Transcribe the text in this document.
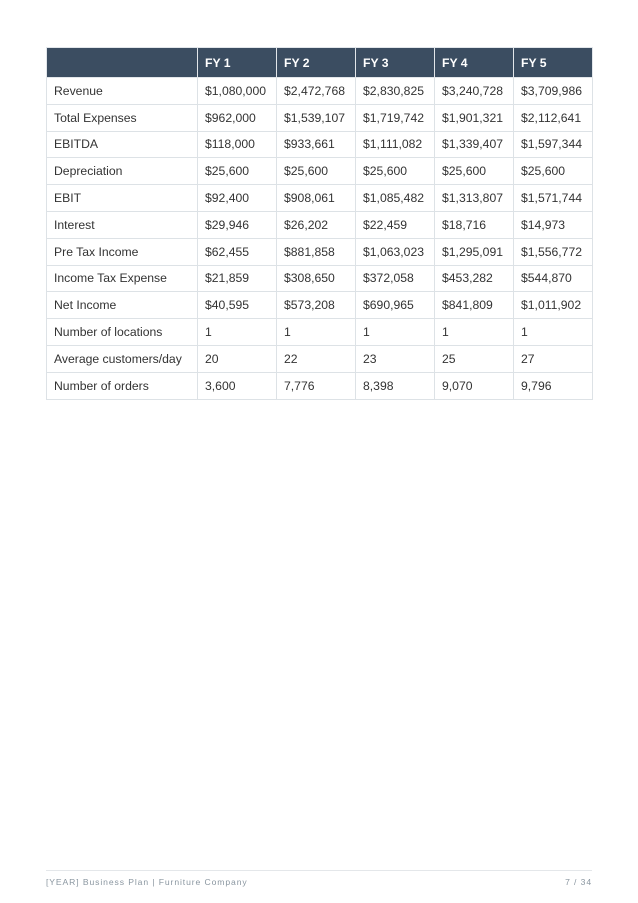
	FY 1	FY 2	FY 3	FY 4	FY 5
Revenue	$1,080,000	$2,472,768	$2,830,825	$3,240,728	$3,709,986
Total Expenses	$962,000	$1,539,107	$1,719,742	$1,901,321	$2,112,641
EBITDA	$118,000	$933,661	$1,111,082	$1,339,407	$1,597,344
Depreciation	$25,600	$25,600	$25,600	$25,600	$25,600
EBIT	$92,400	$908,061	$1,085,482	$1,313,807	$1,571,744
Interest	$29,946	$26,202	$22,459	$18,716	$14,973
Pre Tax Income	$62,455	$881,858	$1,063,023	$1,295,091	$1,556,772
Income Tax Expense	$21,859	$308,650	$372,058	$453,282	$544,870
Net Income	$40,595	$573,208	$690,965	$841,809	$1,011,902
Number of locations	1	1	1	1	1
Average customers/day	20	22	23	25	27
Number of orders	3,600	7,776	8,398	9,070	9,796
[YEAR] Business Plan | Furniture Company	7 / 34
